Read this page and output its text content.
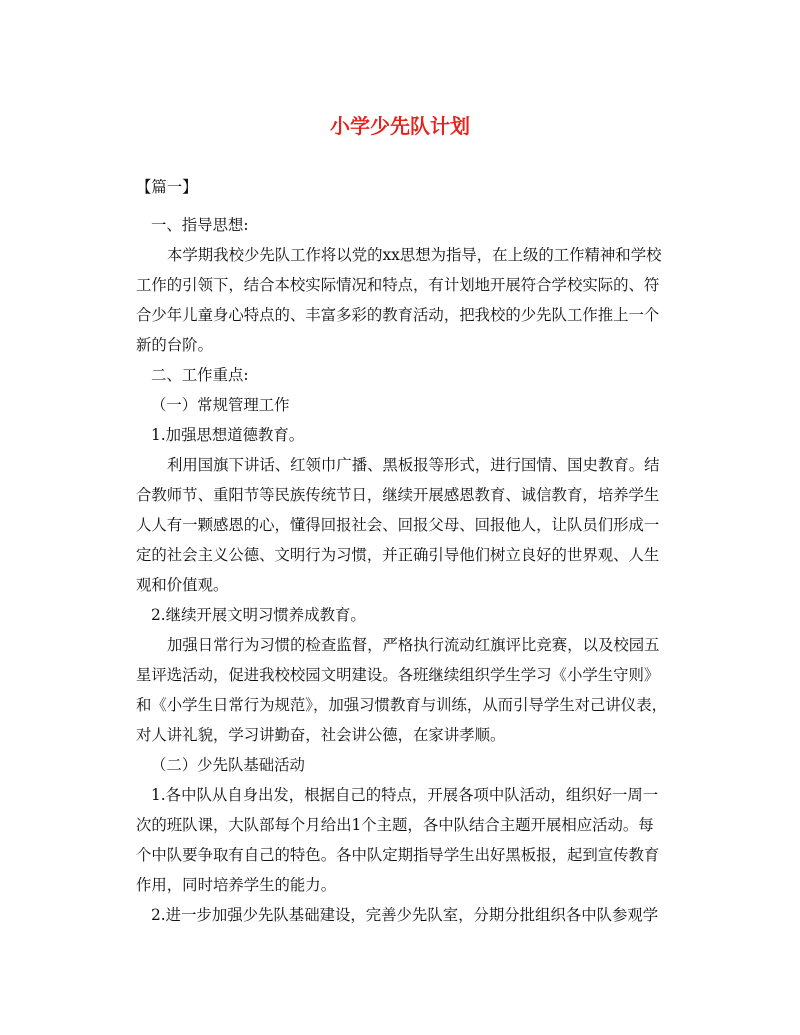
小学少先队计划

【篇一】

一、指导思想:

本学期我校少先队工作将以党的xx思想为指导，在上级的工作精神和学校工作的引领下，结合本校实际情况和特点，有计划地开展符合学校实际的、符合少年儿童身心特点的、丰富多彩的教育活动，把我校的少先队工作推上一个新的台阶。

二、工作重点:

（一）常规管理工作

1.加强思想道德教育。

利用国旗下讲话、红领巾广播、黑板报等形式，进行国情、国史教育。结合教师节、重阳节等民族传统节日，继续开展感恩教育、诚信教育，培养学生人人有一颗感恩的心，懂得回报社会、回报父母、回报他人，让队员们形成一定的社会主义公德、文明行为习惯，并正确引导他们树立良好的世界观、人生观和价值观。

2.继续开展文明习惯养成教育。

加强日常行为习惯的检查监督，严格执行流动红旗评比竞赛，以及校园五星评选活动，促进我校校园文明建设。各班继续组织学生学习《小学生守则》和《小学生日常行为规范》，加强习惯教育与训练，从而引导学生对己讲仪表，对人讲礼貌，学习讲勤奋，社会讲公德，在家讲孝顺。

（二）少先队基础活动

1.各中队从自身出发，根据自己的特点，开展各项中队活动，组织好一周一次的班队课，大队部每个月给出1个主题，各中队结合主题开展相应活动。每个中队要争取有自己的特色。各中队定期指导学生出好黑板报，起到宣传教育作用，同时培养学生的能力。

2.进一步加强少先队基础建设，完善少先队室，分期分批组织各中队参观学
